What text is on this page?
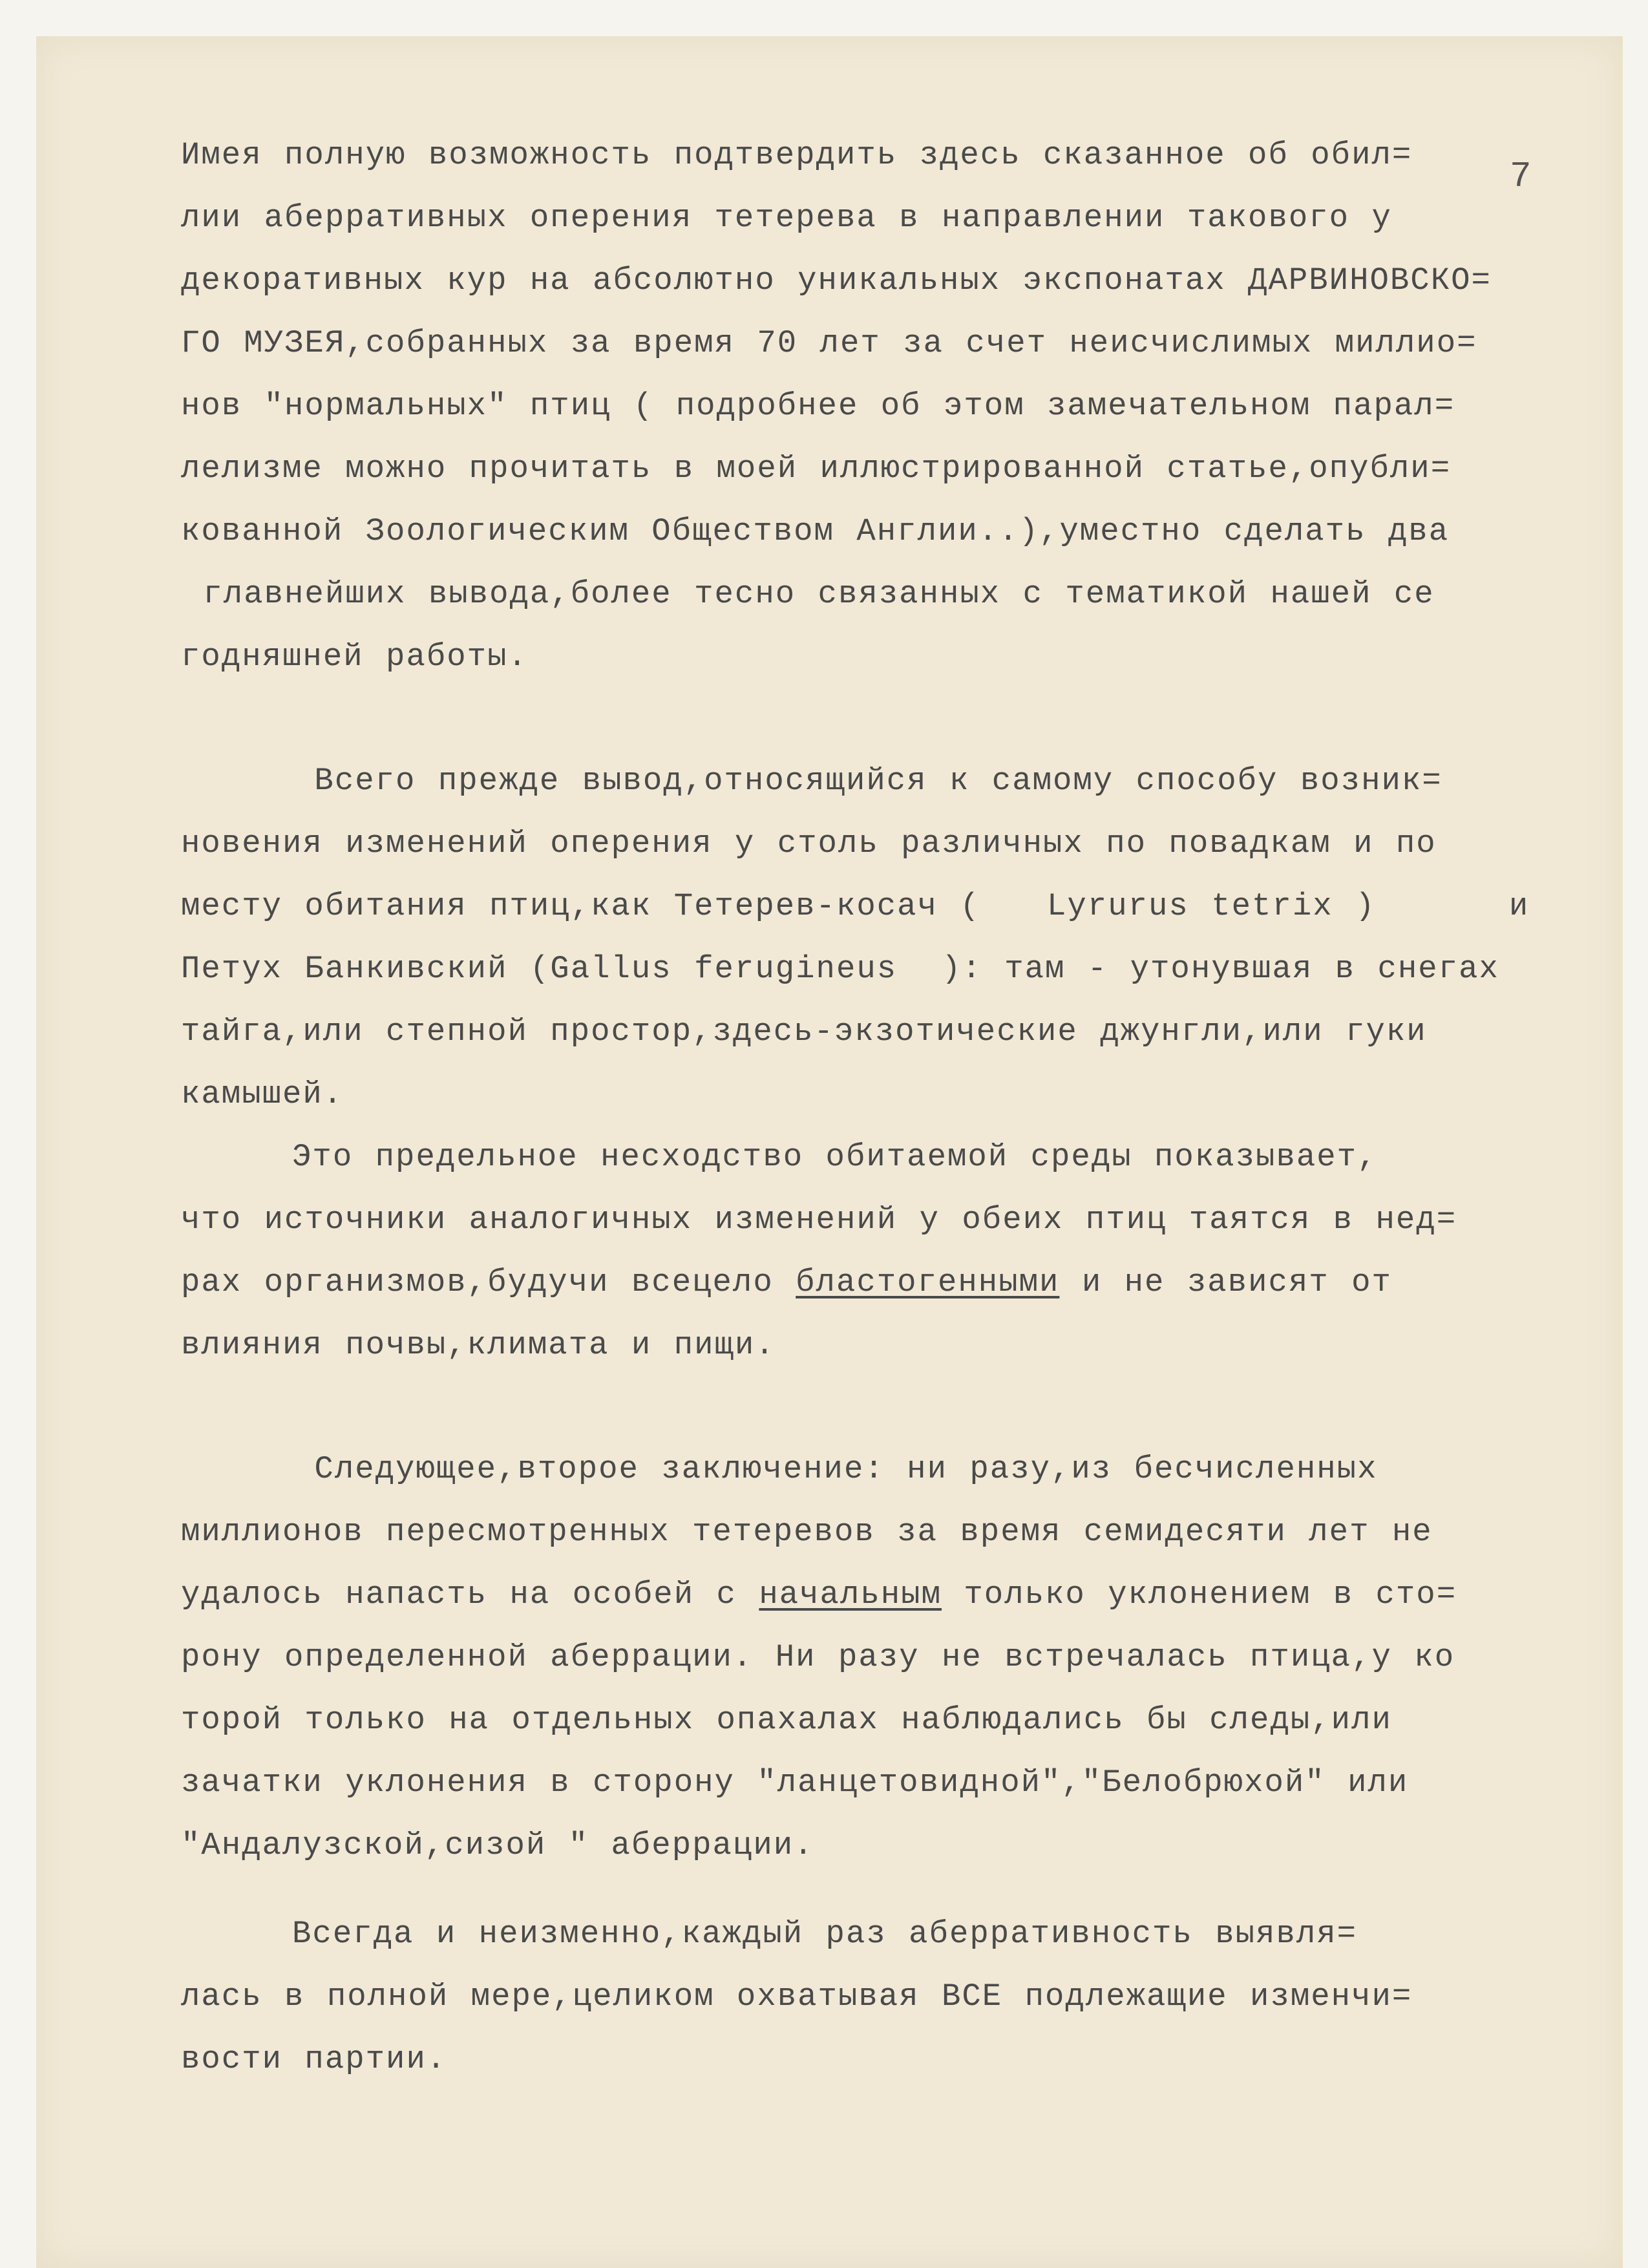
7
Имея полную возможность подтвердить здесь сказанное об обил=
лии аберративных оперения тетерева в направлении такового у
декоративных кур на абсолютно уникальных экспонатах ДАРВИНОВСКО=
ГО МУЗЕЯ,собранных за время 70 лет за счет неисчислимых миллио=
нов "нормальных" птиц ( подробнее об этом замечательном парал=
лелизме можно прочитать в моей иллюстрированной статье,опубли=
кованной Зоологическим Обществом Англии..),уместно сделать два
главнейших вывода,более тесно связанных с тематикой нашей се
годняшней работы.
Всего прежде вывод,относящийся к самому способу возник=
новения изменений оперения у столь различных по повадкам и по
месту обитания птиц,как Тетерев-косач (   Lyrurus tetrix )      и
Петух Банкивский (Gallus ferugineus  ): там - утонувшая в снегах
тайга,или степной простор,здесь-экзотические джунгли,или гуки
камышей.
Это предельное несходство обитаемой среды показывает,
что источники аналогичных изменений у обеих птиц таятся в нед=
рах организмов,будучи всецело бластогенными и не зависят от
влияния почвы,климата и пищи.
Следующее,второе заключение: ни разу,из бесчисленных
миллионов пересмотренных тетеревов за время семидесяти лет не
удалось напасть на особей с начальным только уклонением в сто=
рону определенной аберрации. Ни разу не встречалась птица,у ко
торой только на отдельных опахалах наблюдались бы следы,или
зачатки уклонения в сторону "ланцетовидной","Белобрюхой" или
"Андалузской,сизой " аберрации.
Всегда и неизменно,каждый раз аберративность выявля=
лась в полной мере,целиком охватывая ВСЕ подлежащие изменчи=
вости партии.
